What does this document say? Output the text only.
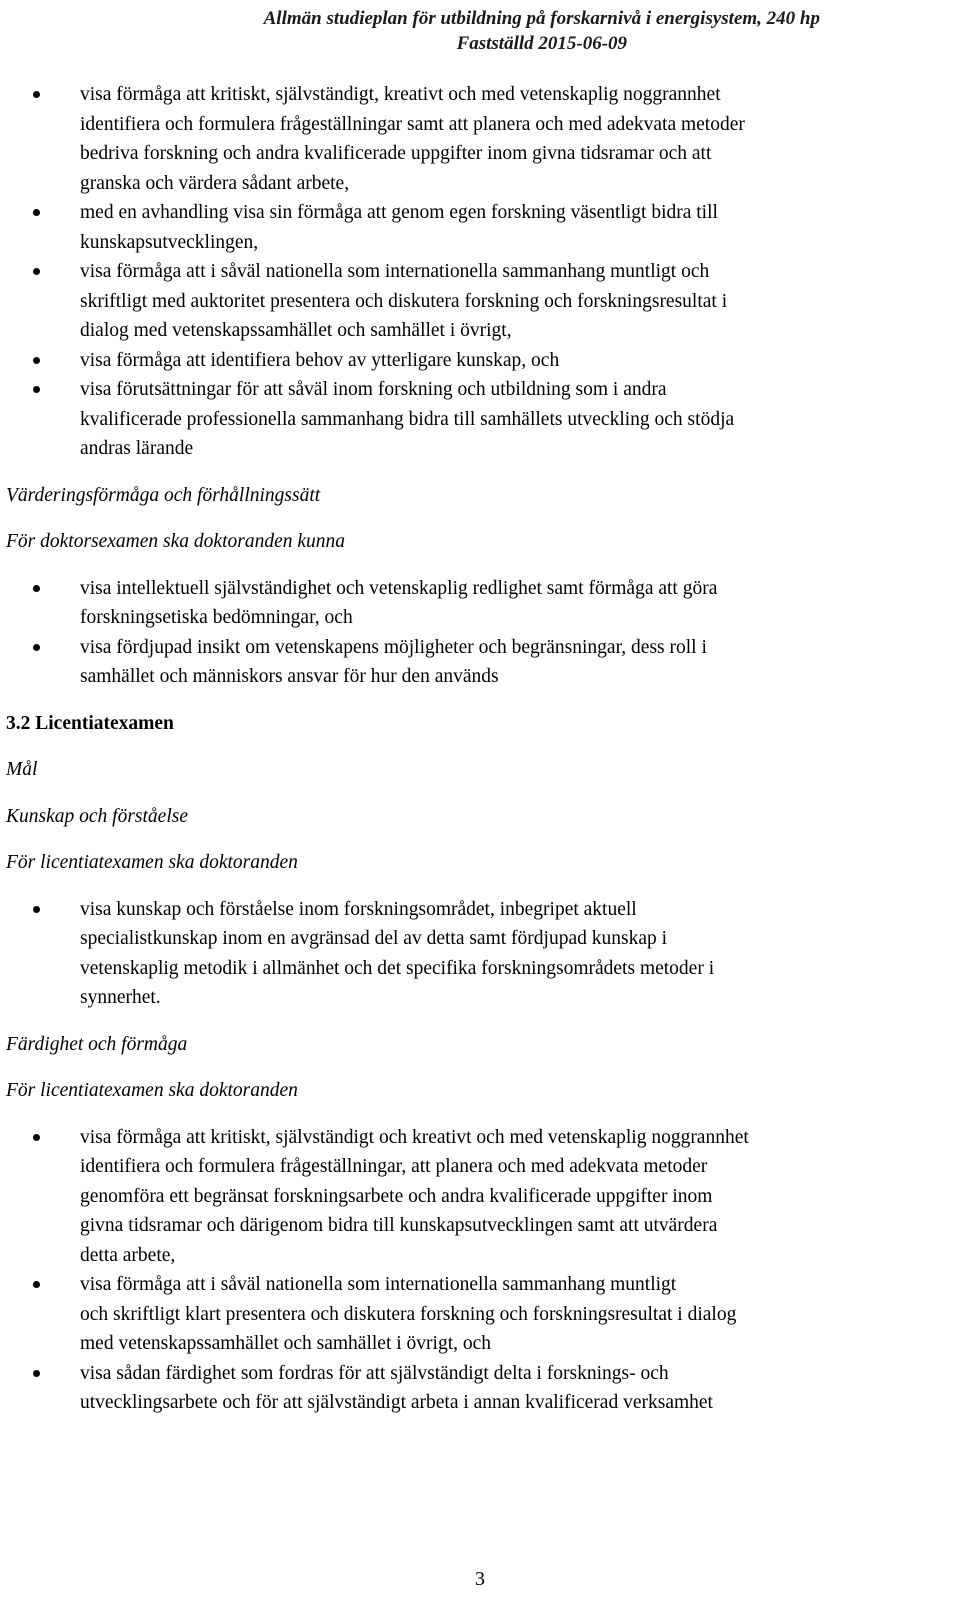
Allmän studieplan för utbildning på forskarnivå i energisystem, 240 hp
Fastställd 2015-06-09
visa förmåga att kritiskt, självständigt, kreativt och med vetenskaplig noggrannhet
identifiera och formulera frågeställningar samt att planera och med adekvata metoder
bedriva forskning och andra kvalificerade uppgifter inom givna tidsramar och att
granska och värdera sådant arbete,
med en avhandling visa sin förmåga att genom egen forskning väsentligt bidra till
kunskapsutvecklingen,
visa förmåga att i såväl nationella som internationella sammanhang muntligt och
skriftligt med auktoritet presentera och diskutera forskning och forskningsresultat i
dialog med vetenskapssamhället och samhället i övrigt,
visa förmåga att identifiera behov av ytterligare kunskap, och
visa förutsättningar för att såväl inom forskning och utbildning som i andra
kvalificerade professionella sammanhang bidra till samhällets utveckling och stödja
andras lärande

Värderingsförmåga och förhållningssätt

För doktorsexamen ska doktoranden kunna

visa intellektuell självständighet och vetenskaplig redlighet samt förmåga att göra
forskningsetiska bedömningar, och
visa fördjupad insikt om vetenskapens möjligheter och begränsningar, dess roll i
samhället och människors ansvar för hur den används

3.2 Licentiatexamen

Mål

Kunskap och förståelse

För licentiatexamen ska doktoranden

visa kunskap och förståelse inom forskningsområdet, inbegripet aktuell
specialistkunskap inom en avgränsad del av detta samt fördjupad kunskap i
vetenskaplig metodik i allmänhet och det specifika forskningsområdets metoder i
synnerhet.

Färdighet och förmåga

För licentiatexamen ska doktoranden

visa förmåga att kritiskt, självständigt och kreativt och med vetenskaplig noggrannhet
identifiera och formulera frågeställningar, att planera och med adekvata metoder
genomföra ett begränsat forskningsarbete och andra kvalificerade uppgifter inom
givna tidsramar och därigenom bidra till kunskapsutvecklingen samt att utvärdera
detta arbete,
visa förmåga att i såväl nationella som internationella sammanhang muntligt
och skriftligt klart presentera och diskutera forskning och forskningsresultat i dialog
med vetenskapssamhället och samhället i övrigt, och
visa sådan färdighet som fordras för att självständigt delta i forsknings- och
utvecklingsarbete och för att självständigt arbeta i annan kvalificerad verksamhet
3
